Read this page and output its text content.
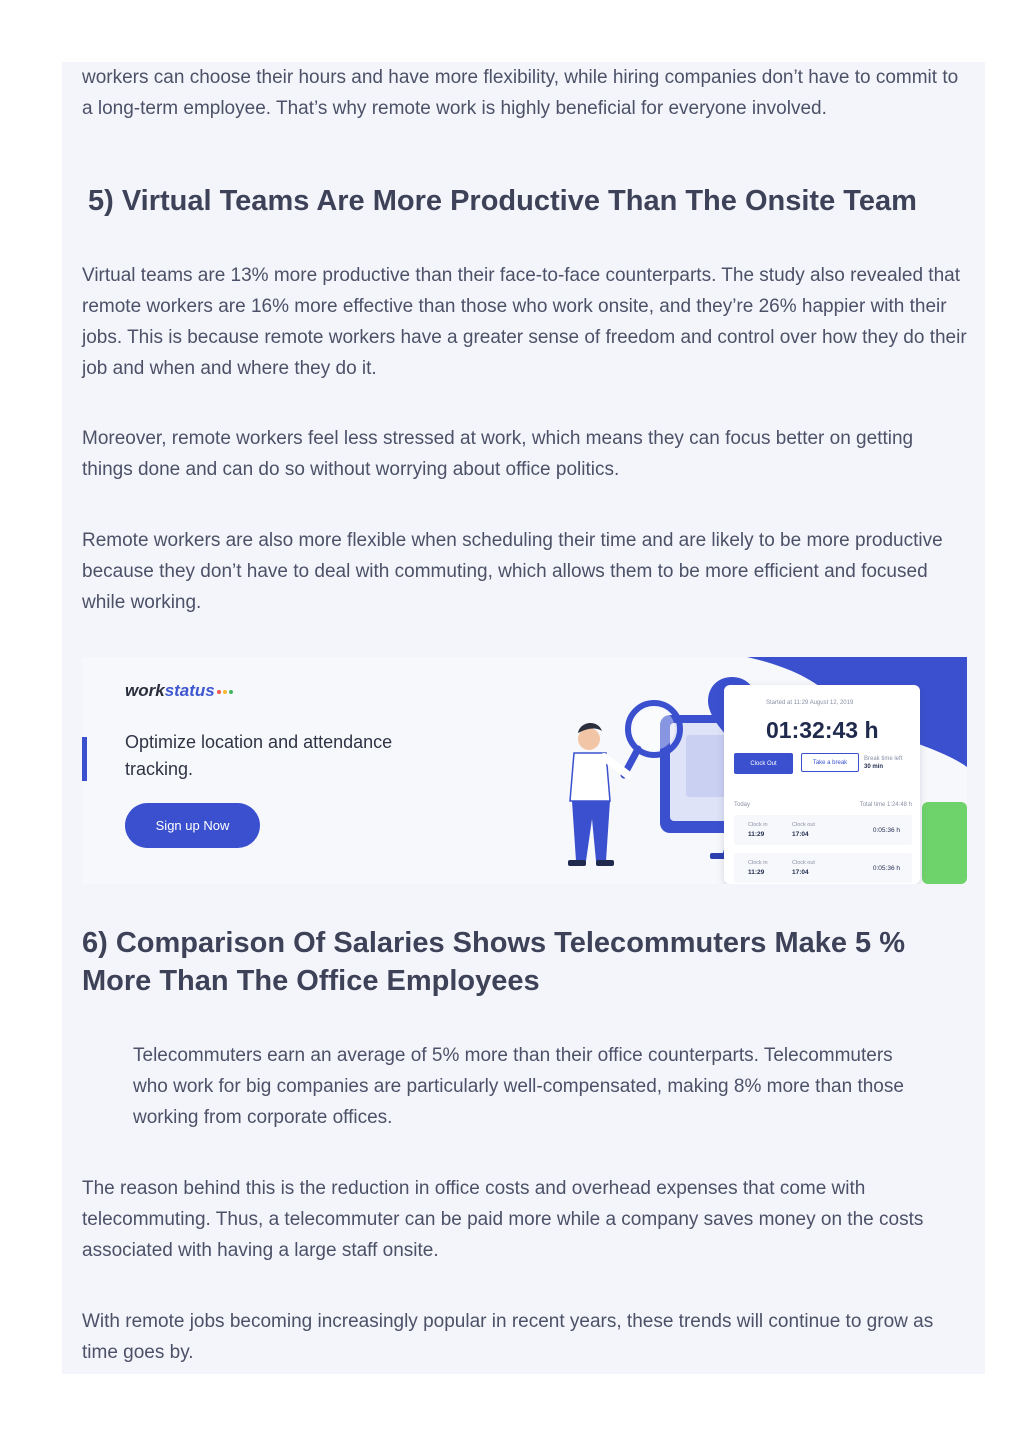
workers can choose their hours and have more flexibility, while hiring companies don’t have to commit to a long-term employee. That’s why remote work is highly beneficial for everyone involved.

5) Virtual Teams Are More Productive Than The Onsite Team

Virtual teams are 13% more productive than their face-to-face counterparts. The study also revealed that remote workers are 16% more effective than those who work onsite, and they’re 26% happier with their jobs. This is because remote workers have a greater sense of freedom and control over how they do their job and when and where they do it.

Moreover, remote workers feel less stressed at work, which means they can focus better on getting things done and can do so without worrying about office politics.

Remote workers are also more flexible when scheduling their time and are likely to be more productive because they don’t have to deal with commuting, which allows them to be more efficient and focused while working.

6) Comparison Of Salaries Shows Telecommuters Make 5 % More Than The Office Employees

Telecommuters earn an average of 5% more than their office counterparts. Telecommuters who work for big companies are particularly well-compensated, making 8% more than those working from corporate offices.

The reason behind this is the reduction in office costs and overhead expenses that come with telecommuting. Thus, a telecommuter can be paid more while a company saves money on the costs associated with having a large staff onsite.

With remote jobs becoming increasingly popular in recent years, these trends will continue to grow as time goes by.

workstatus
Optimize location and attendance tracking.
Sign up Now
Started at 11:29 August 12, 2019
01:32:43 h
Clock Out	Take a break
Break time left
30 min
Today	Total time 1:24:48 h
Clock in
11:29
Clock out
17:04
0:05:36 h
Clock in
11:29
Clock out
17:04
0:05:36 h
